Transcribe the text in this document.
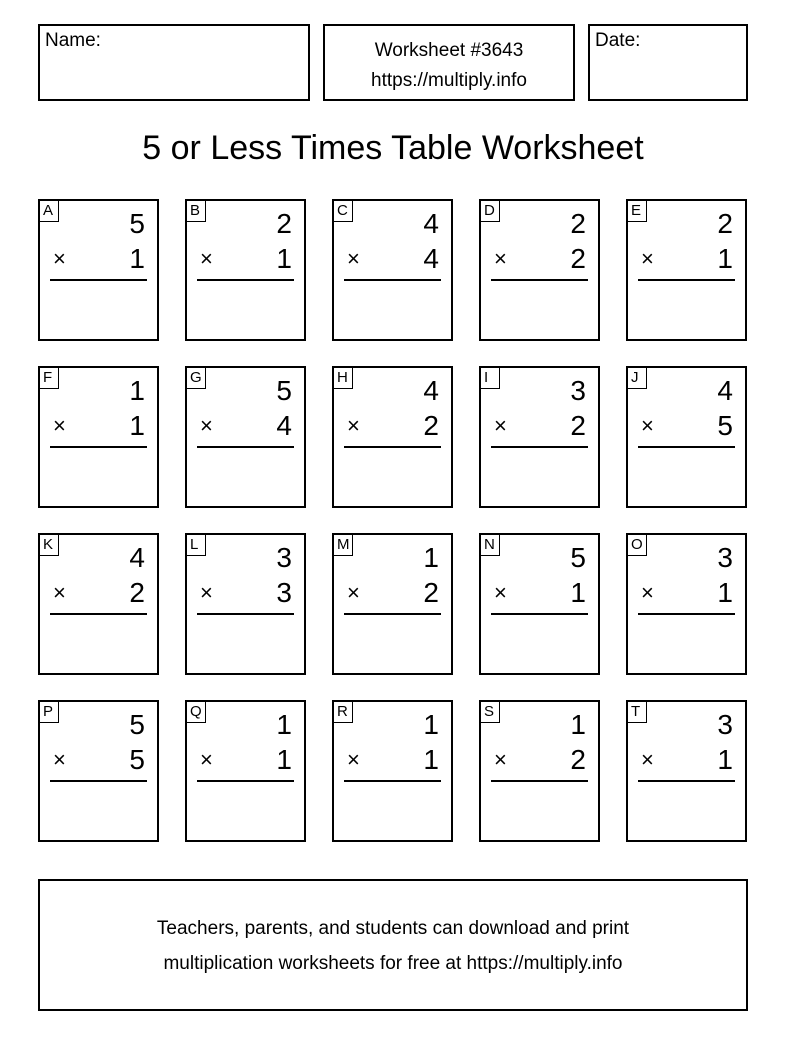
Name:	Worksheet #3643
https://multiply.info
Date:
5 or Less Times Table Worksheet
A	5
× 1
B	2
× 1
C	4
× 4
D	2
× 2
E	2
× 1
F	1
× 1
G	5
× 4
H	4
× 2
I	3
× 2
J	4
× 5
K	4
× 2
L	3
× 3
M	1
× 2
N	5
× 1
O	3
× 1
P	5
× 5
Q	1
× 1
R	1
× 1
S	1
× 2
T	3
× 1
Teachers, parents, and students can download and print
multiplication worksheets for free at https://multiply.info
